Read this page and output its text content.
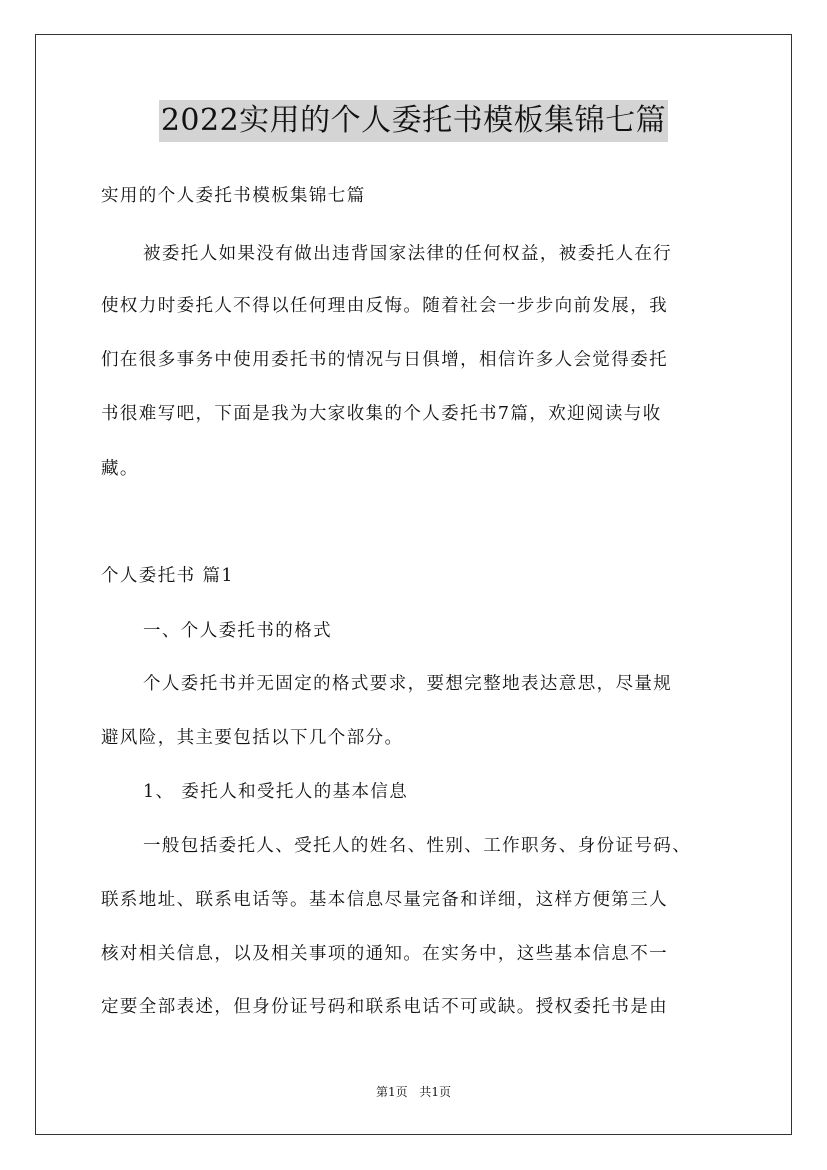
2022实用的个人委托书模板集锦七篇
实用的个人委托书模板集锦七篇
被委托人如果没有做出违背国家法律的任何权益，被委托人在行
使权力时委托人不得以任何理由反悔。随着社会一步步向前发展，我
们在很多事务中使用委托书的情况与日俱增，相信许多人会觉得委托
书很难写吧，下面是我为大家收集的个人委托书7篇，欢迎阅读与收
藏。
个人委托书 篇1
一、个人委托书的格式
个人委托书并无固定的格式要求，要想完整地表达意思，尽量规
避风险，其主要包括以下几个部分。
1、 委托人和受托人的基本信息
一般包括委托人、受托人的姓名、性别、工作职务、身份证号码、
联系地址、联系电话等。基本信息尽量完备和详细，这样方便第三人
核对相关信息，以及相关事项的通知。在实务中，这些基本信息不一
定要全部表述，但身份证号码和联系电话不可或缺。授权委托书是由
第1页 共1页
